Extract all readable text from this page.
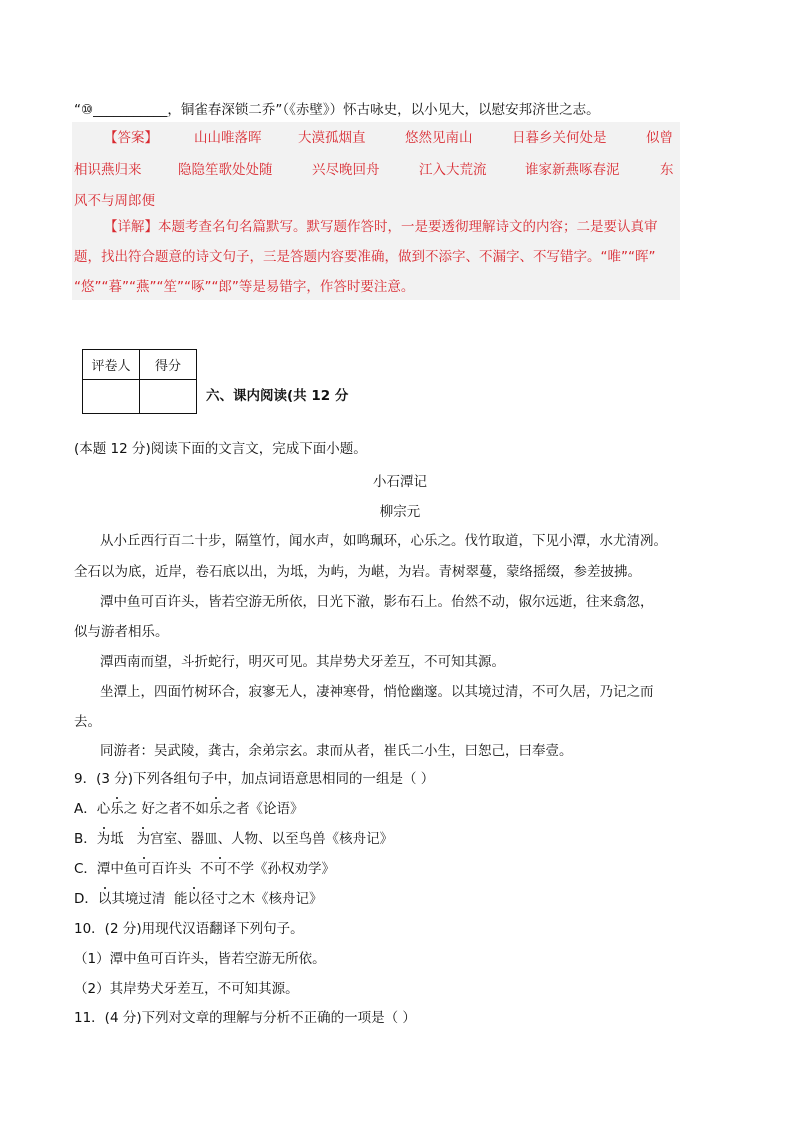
“⑩___________，铜雀春深锁二乔”（《赤壁》）怀古咏史，以小见大，以慰安邦济世之志。
【答案】	山山唯落晖	大漠孤烟直	悠然见南山	日暮乡关何处是	似曾
相识燕归来	隐隐笙歌处处随	兴尽晚回舟	江入大荒流	谁家新燕啄春泥	东
风不与周郎便
【详解】本题考查名句名篇默写。默写题作答时，一是要透彻理解诗文的内容；二是要认真审
题，找出符合题意的诗文句子，三是答题内容要准确，做到不添字、不漏字、不写错字。“唯”“晖”
“悠”“暮”“燕”“笙”“啄”“郎”等是易错字，作答时要注意。
评卷人	得分

六、课内阅读(共 12 分
(本题 12 分)阅读下面的文言文，完成下面小题。
小石潭记
柳宗元
从小丘西行百二十步，隔篁竹，闻水声，如鸣珮环，心乐之。伐竹取道，下见小潭，水尤清冽。
全石以为底，近岸，卷石底以出，为坻，为屿，为嵁，为岩。青树翠蔓，蒙络摇缀，参差披拂。
潭中鱼可百许头，皆若空游无所依，日光下澈，影布石上。佁然不动，俶尔远逝，往来翕忽，
似与游者相乐。
潭西南而望，斗折蛇行，明灭可见。其岸势犬牙差互，不可知其源。
坐潭上，四面竹树环合，寂寥无人，凄神寒骨，悄怆幽邃。以其境过清，不可久居，乃记之而
去。
同游者：吴武陵，龚古，余弟宗玄。隶而从者，崔氏二小生，曰恕己，曰奉壹。
9．(3 分)下列各组句子中，加点词语意思相同的一组是（ ）
A．心乐之 好之者不如乐之者《论语》
B．为坻   为宫室、器皿、人物、以至鸟兽《核舟记》
C．潭中鱼可百许头  不可不学《孙权劝学》
D．以其境过清  能以径寸之木《核舟记》
10．(2 分)用现代汉语翻译下列句子。
（1）潭中鱼可百许头，皆若空游无所依。
（2）其岸势犬牙差互，不可知其源。
11．(4 分)下列对文章的理解与分析不正确的一项是（ ）
